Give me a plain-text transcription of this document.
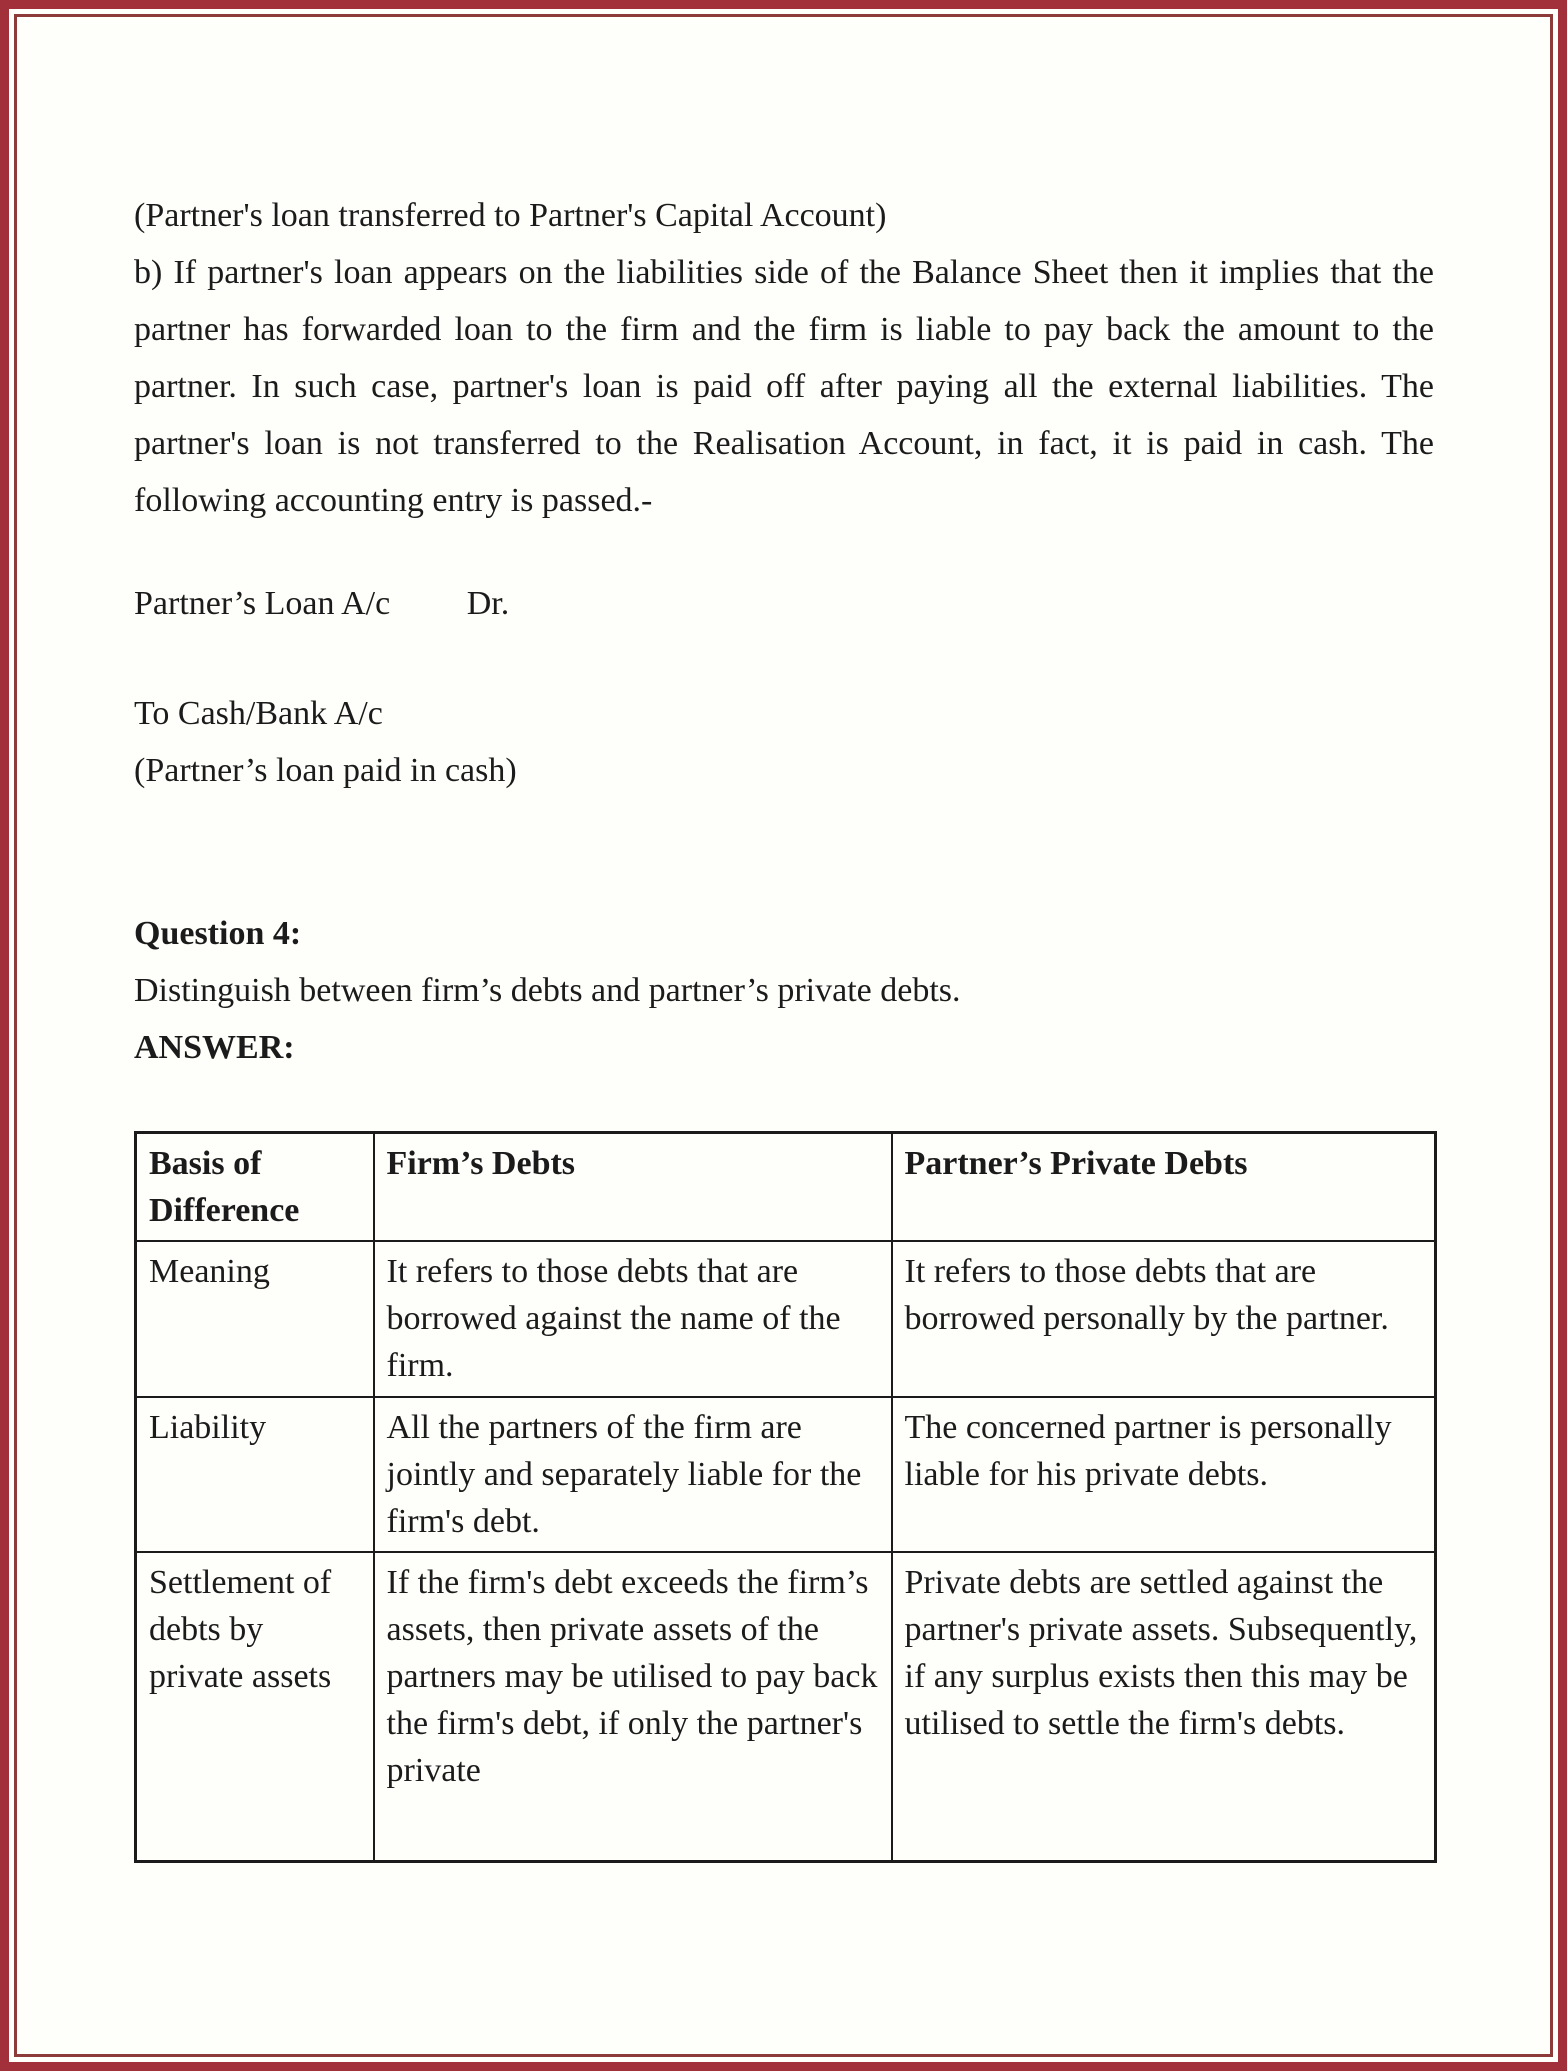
(Partner's loan transferred to Partner's Capital Account)

b) If partner's loan appears on the liabilities side of the Balance Sheet then it implies that the partner has forwarded loan to the firm and the firm is liable to pay back the amount to the partner. In such case, partner's loan is paid off after paying all the external liabilities. The partner's loan is not transferred to the Realisation Account, in fact, it is paid in cash. The following accounting entry is passed.-

Partner’s Loan A/c Dr.

To Cash/Bank A/c

(Partner’s loan paid in cash)

Question 4:

Distinguish between firm’s debts and partner’s private debts.

ANSWER:

Basis of Difference	Firm’s Debts	Partner’s Private Debts
Meaning	It refers to those debts that are borrowed against the name of the firm.	It refers to those debts that are borrowed personally by the partner.
Liability	All the partners of the firm are jointly and separately liable for the firm's debt.	The concerned partner is personally liable for his private debts.
Settlement of debts by private assets	If the firm's debt exceeds the firm’s assets, then private assets of the partners may be utilised to pay back the firm's debt, if only the partner's private	Private debts are settled against the partner's private assets. Subsequently, if any surplus exists then this may be utilised to settle the firm's debts.
